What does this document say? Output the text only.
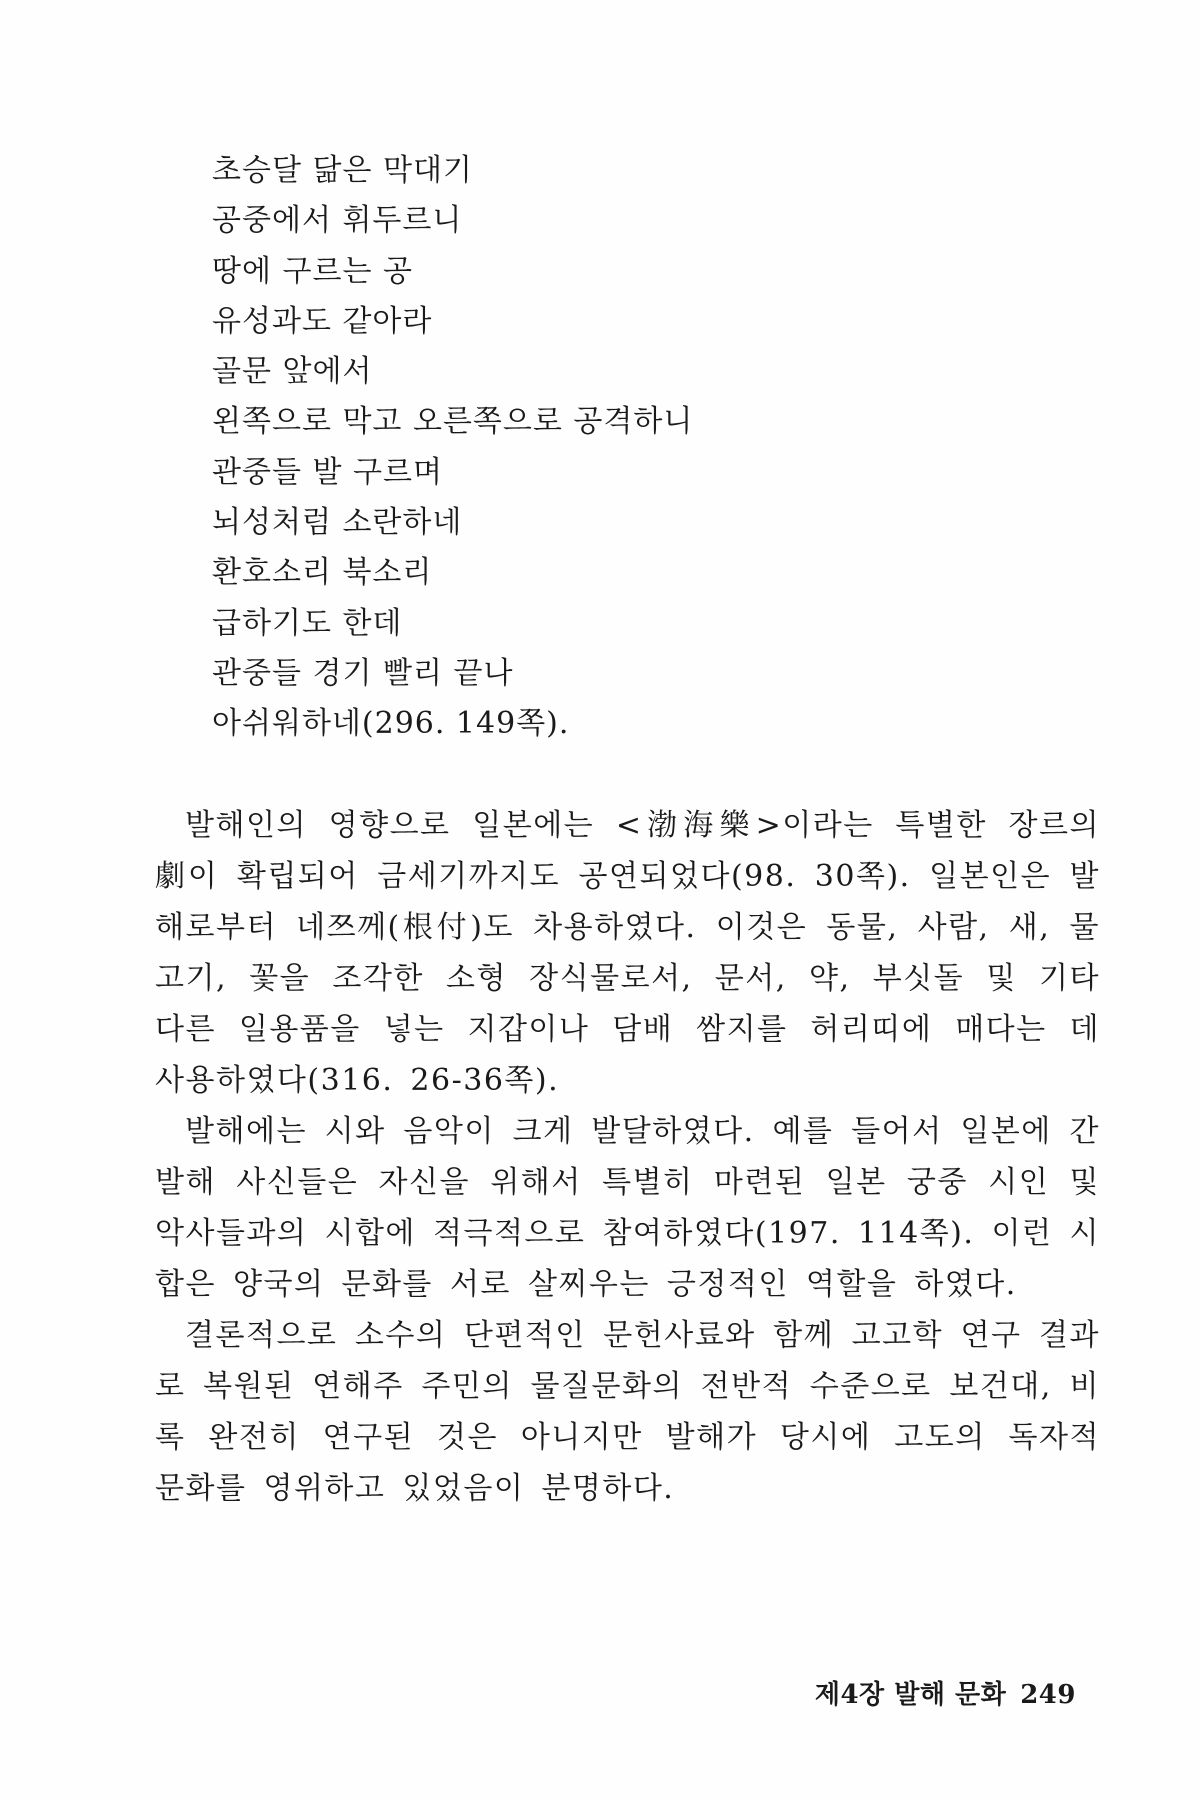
초승달 닮은 막대기
공중에서 휘두르니
땅에 구르는 공
유성과도 같아라
골문 앞에서
왼쪽으로 막고 오른쪽으로 공격하니
관중들 발 구르며
뇌성처럼 소란하네
환호소리 북소리
급하기도 한데
관중들 경기 빨리 끝나
아쉬워하네(296. 149쪽).

발해인의 영향으로 일본에는 <渤海樂>이라는 특별한 장르의 劇이 확립되어 금세기까지도 공연되었다(98. 30쪽). 일본인은 발해로부터 네쯔께(根付)도 차용하였다. 이것은 동물, 사람, 새, 물고기, 꽃을 조각한 소형 장식물로서, 문서, 약, 부싯돌 및 기타 다른 일용품을 넣는 지갑이나 담배 쌈지를 허리띠에 매다는 데 사용하였다(316. 26-36쪽).

발해에는 시와 음악이 크게 발달하였다. 예를 들어서 일본에 간 발해 사신들은 자신을 위해서 특별히 마련된 일본 궁중 시인 및 악사들과의 시합에 적극적으로 참여하였다(197. 114쪽). 이런 시합은 양국의 문화를 서로 살찌우는 긍정적인 역할을 하였다.

결론적으로 소수의 단편적인 문헌사료와 함께 고고학 연구 결과로 복원된 연해주 주민의 물질문화의 전반적 수준으로 보건대, 비록 완전히 연구된 것은 아니지만 발해가 당시에 고도의 독자적 문화를 영위하고 있었음이 분명하다.

제4장 발해 문화 249
